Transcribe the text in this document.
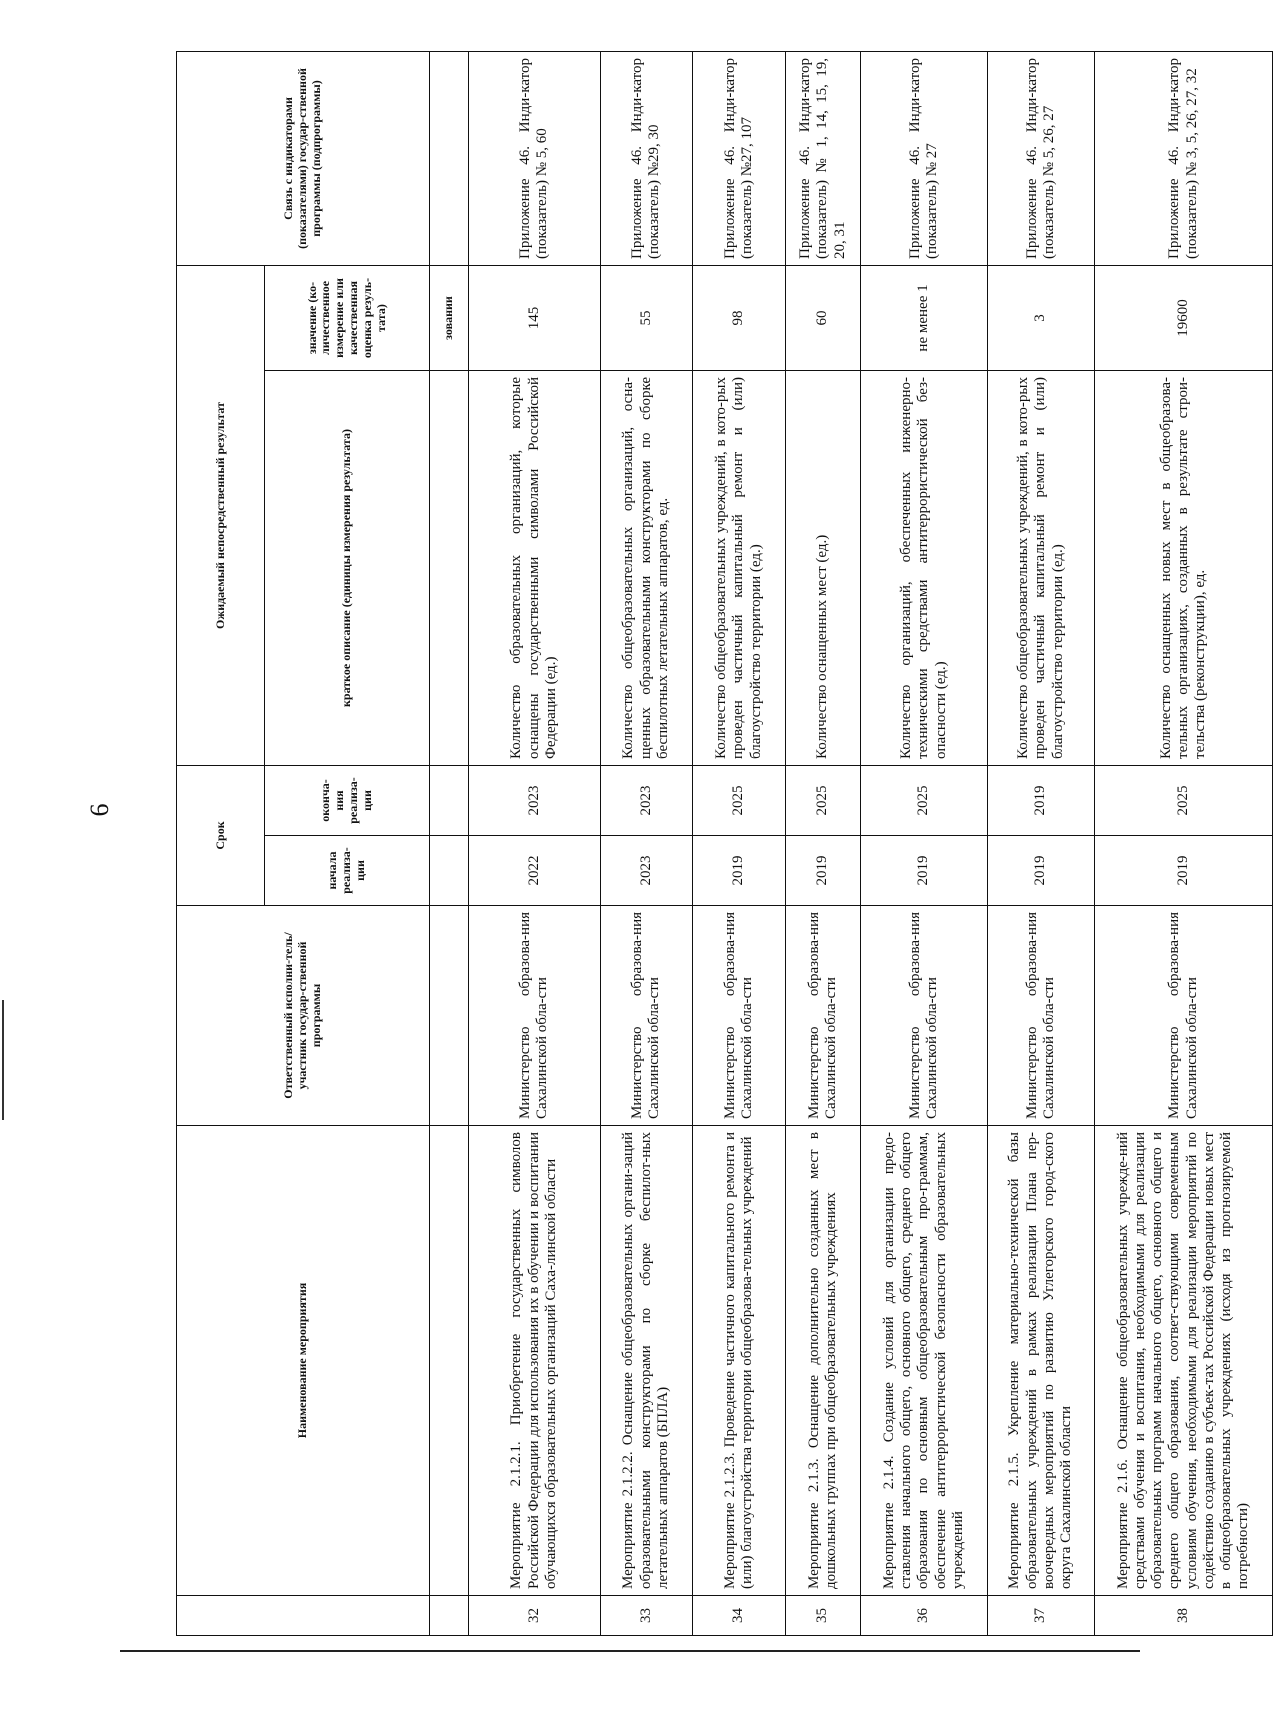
6
	Наименование мероприятия	Ответственный исполни-тель/участник государ-ственной программы	Срок		Ожидаемый непосредственный результат		Связь с индикаторами (показателями) государ-ственной программы (подпрограммы)
			начала реализа-ции	оконча-ния реализа-ции	краткое описание (единицы измерения результата)	значение (ко-личественное измерение или качественная оценка резуль-тата)	
						зовании	
32	Мероприятие 2.1.2.1. Приобретение государственных символов Российской Федерации для использования их в обучении и воспитании обучающихся образовательных организаций Саха-линской области	Министерство образова-ния Сахалинской обла-сти	2022	2023	Количество образовательных организаций, которые оснащены государственными символами Российской Федерации (ед.)	145	Приложение 46. Инди-катор (показатель) № 5, 60
33	Мероприятие 2.1.2.2. Оснащение общеобразовательных органи-заций образовательными конструкторами по сборке беспилот-ных летательных аппаратов (БПЛА)	Министерство образова-ния Сахалинской обла-сти	2023	2023	Количество общеобразовательных организаций, осна-щенных образовательными конструкторами по сборке беспилотных летательных аппаратов, ед.	55	Приложение 46. Инди-катор (показатель) №29, 30
34	Мероприятие 2.1.2.3. Проведение частичного капитального ремонта и (или) благоустройства территории общеобразова-тельных учреждений	Министерство образова-ния Сахалинской обла-сти	2019	2025	Количество общеобразовательных учреждений, в кото-рых проведен частичный капитальный ремонт и (или) благоустройство территории (ед.)	98	Приложение 46. Инди-катор (показатель) №27, 107
35	Мероприятие 2.1.3. Оснащение дополнительно созданных мест в дошкольных группах при общеобразовательных учреждениях	Министерство образова-ния Сахалинской обла-сти	2019	2025	Количество оснащенных мест (ед.)	60	Приложение 46. Инди-катор (показатель) № 1, 14, 15, 19, 20, 31
36	Мероприятие 2.1.4. Создание условий для организации предо-ставления начального общего, основного общего, среднего общего образования по основным общеобразовательным про-граммам, обеспечение антитеррористической безопасности образовательных учреждений	Министерство образова-ния Сахалинской обла-сти	2019	2025	Количество организаций, обеспеченных инженерно-техническими средствами антитеррористической без-опасности (ед.)	не менее 1	Приложение 46. Инди-катор (показатель) № 27
37	Мероприятие 2.1.5. Укрепление материально-технической базы образовательных учреждений в рамках реализации Плана пер-воочередных мероприятий по развитию Углегорского город-ского округа Сахалинской области	Министерство образова-ния Сахалинской обла-сти	2019	2019	Количество общеобразовательных учреждений, в кото-рых проведен частичный капитальный ремонт и (или) благоустройство территории (ед.)	3	Приложение 46. Инди-катор (показатель) № 5, 26, 27
38	Мероприятие 2.1.6. Оснащение общеобразовательных учрежде-ний средствами обучения и воспитания, необходимыми для реализации образовательных программ начального общего, основного общего и среднего общего образования, соответ-ствующими современным условиям обучения, необходимыми для реализации мероприятий по содействию созданию в субъек-тах Российской Федерации новых мест в общеобразовательных учреждениях (исходя из прогнозируемой потребности)	Министерство образова-ния Сахалинской обла-сти	2019	2025	Количество оснащенных новых мест в общеобразова-тельных организациях, созданных в результате строи-тельства (реконструкции), ед.	19600	Приложение 46. Инди-катор (показатель) № 3, 5, 26, 27, 32
